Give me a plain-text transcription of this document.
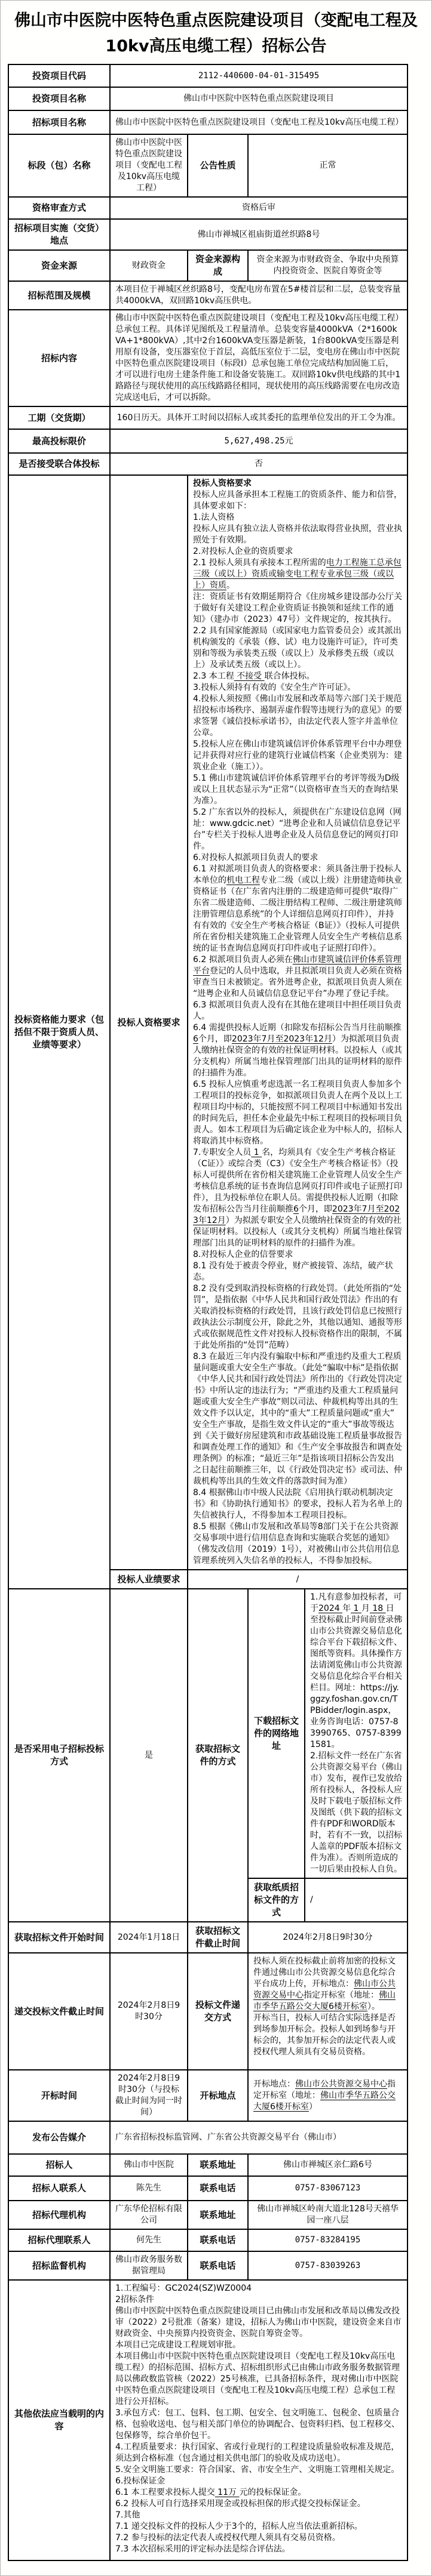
佛山市中医院中医特色重点医院建设项目（变配电工程及10kv高压电缆工程）招标公告
投资项目代码	2112-440600-04-01-315495		
投资项目名称	佛山市中医院中医特色重点医院建设项目		
招标项目名称	佛山市中医院中医特色重点医院建设项目（变配电工程及10kv高压电缆工程）		
标段（包）名称	佛山市中医院中医特色重点医院建设项目（变配电工程及10kv高压电缆工程）	公告性质	正常
资格审查方式	资格后审		
招标项目实施（交货）地点	佛山市禅城区祖庙街道丝织路8号		
资金来源	财政资金	资金来源构成	资金来源为市财政资金、争取中央预算内投资资金、医院自筹资金等
招标范围及规模	本项目位于禅城区丝织路8号，变配电房布置在5#楼首层和二层，总装变容量共4000kVA，双回路10kv高压供电。		
招标内容	佛山市中医院中医特色重点医院建设项目（变配电工程及10kv高压电缆工程）总承包工程。具体详见图纸及工程量清单。总装变容量4000kVA（2*1600kVA+1*800kVA）,其中2台1600kVA变压器是新装，1台800kVA变压器是利用原有设备，变压器室位于首层，高低压室位于二层，变电房在佛山市中医院中医特色重点医院建设项目（标段Ⅰ）总承包施工单位完成结构加固施工后，才可以进行电房土建条件施工和设备安装施工。双回路10kv供电线路的其中1路路径与现状使用的高压线路路径相同，现状使用的高压线路需要在电房改造完成送电后，才可以拆除。		
工期（交货期）	160日历天。具体开工时间以招标人或其委托的监理单位发出的开工令为准。		
最高投标限价	5,627,498.25元		
是否接受联合体投标	否		
投标资格能力要求（包括但不限于资质人员、业绩等要求）	投标人资格要求	

投标人资格要求

投标人应具备承担本工程施工的资质条件、能力和信誉，具体要求如下：

1.法人资格

投标人应具有独立法人资格并依法取得营业执照，营业执照处于有效期。

2.对投标人企业的资质要求

2.1 投标人须具有承接本工程所需的电力工程施工总承包三级（或以上）资质或输变电工程专业承包三级（或以上）资质。

注：资质证书有效期延期符合《住房城乡建设部办公厅关于做好有关建设工程企业资质证书换领和延续工作的通知》（建办市（2023）47号）文件规定的，按其执行。

2.2 具有国家能源局（或国家电力监管委员会）或其派出机构颁发的《承装（修、试）电力设施许可证》，许可类别和等级为承装类五级（或以上）及承修类五级（或以上）及承试类五级（或以上）。

2.3 本工程 不接受 联合体投标。

3.投标人须持有有效的《安全生产许可证》。

4.投标人须按照《佛山市发展和改革局等六部门关于规范招投标市场秩序、遏制弄虚作假等违规行为的意见》的要求签署《诚信投标承诺书》，由法定代表人签字并盖单位公章。

5.投标人应在佛山市建筑诚信评价体系管理平台中办理登记并获得对应行业的建筑行业诚信档案（企业类别为：建筑业企业（施工））。

5.1 佛山市建筑诚信评价体系管理平台的考评等级为D级或以上且状态显示为“正常”（以资格审查当天的查询结果为准）。

5.2 广东省以外的投标人，须提供在广东建设信息网（网址：www.gdcic.net）“进粤企业和人员诚信信息登记平台”专栏关于投标人进粤企业及人员信息登记的网页打印件。

6.对投标人拟派项目负责人的要求

6.1 对拟派项目负责人的资格要求：须具备注册于投标人本单位的机电工程专业二级（或以上级）注册建造师执业资格证书（在广东省内注册的二级建造师可提供“取得广东省二级建造师、二级注册结构工程师、二级注册建筑师注册管理信息系统”的个人详细信息网页打印件），并持有有效的《安全生产考核合格证（B证）》（投标人可提供所在省份相关建筑施工企业管理人员安全生产考核信息系统的证书查询信息网页打印件或电子证照打印件）。

6.2 拟派项目负责人必须在佛山市建筑诚信评价体系管理平台登记的人员中选取，并且拟派项目负责人必须在资格审查当日未被锁定。省外进粤企业，拟派项目负责人须在“进粤企业和人员诚信信息登记平台”办理了登记手续。

6.3 拟派项目负责人没有在其他在建项目中担任项目负责人。

6.4 需提供投标人近期（扣除发布招标公告当月往前顺推6个月，即2023年7月至2023年12月）为拟派项目负责人缴纳社保资金的有效的社保证明材料。以投标人（或其分支机构）所属当地社保管理部门出具的证明材料的原件的扫描件为准。

6.5 投标人应慎重考虑选派一名工程项目负责人参加多个工程项目的投标竞争，如拟派项目负责人在两个及以上工程项目均中标的，只能按照不同工程项目中标通知书发出的时间先后，担任本企业最先中标工程项目的投标项目负责人。如本工程项目为后确定该企业为中标人的，招标人将取消其中标资格。

7.专职安全人员 1 名，均须具有《安全生产考核合格证（C证）》或综合类（C3）《安全生产考核合格证书》（投标人可提供所在省份相关建筑施工企业管理人员安全生产考核信息系统的证书查询信息网页打印件或电子证照打印件），且为投标单位在职人员。需提供投标人近期（扣除发布招标公告当月往前顺推6个月，即2023年7月至2023年12月）为拟派专职安全人员缴纳社保资金的有效的社保证明材料。以投标人（或其分支机构）所属当地社保管理部门出具的证明材料的原件的扫描件为准。

8.对投标人企业的信誉要求

8.1 没有处于被责令停业，财产被接管、冻结，破产状态。

8.2 没有受到取消投标资格的行政处罚。（此处所指的“处罚”，是指依据《中华人民共和国行政处罚法》作出的有关取消投标资格的行政处罚，且该行政处罚信息已按照行政执法公示制度公开，除此之外，其他以通知、通报等形式或依据规范性文件对投标人投标资格作出的限制，不属于此处所指的“处罚”范畴）

8.3 在最近三年内没有骗取中标和严重违约及重大工程质量问题或重大安全生产事故。（此处“骗取中标”是指依据《中华人民共和国行政处罚法》所作出的《行政处罚决定书》中所认定的违法行为；“严重违约及重大工程质量问题或重大安全生产事故”则以司法、仲裁机构等出具的生效文件予以认定，其中的“重大”工程质量问题或“重大”安全生产事故，是指生效文件认定的“重大”事故等级达到《关于做好房屋建筑和市政基础设施工程质量事故报告和调查处理工作的通知》和《生产安全事故报告和调查处理条例》的标准；“最近三年”是指该项目招标公告发出之日起往前顺推三年，以《行政处罚决定书》或司法、仲裁机构等出具的生效文件的落款时间为准）

8.4 根据佛山市中级人民法院《启用执行联动机制决定书》和《协助执行通知书》的要求，投标人若为名单上的失信被执行人，不得参加本工程项目投标。

8.5 根据《佛山市发展和改革局等8部门关于在公共资源交易事项中进行信用信息查询和实施联合奖惩的通知》（佛发改信用（2019）1号），对被佛山市公共信用信息管理系统列入失信名单的投标人，不得参加投标。

	投标人业绩要求	/
是否采用电子招标投标方式	是	获取招标文件的方式	下载招标文件的网络地址	1.凡有意参加投标者，可于2024 年 1 月 18 日至投标截止时间前登录佛山市公共资源交易信息化综合平台下载招标文件、图纸等资料。具体操作方法请浏览佛山市公共资源交易信息化综合平台相关栏目。网址：https://jy.ggzy.foshan.gov.cn/TPBidder/login.aspx，业务咨询电话：0757-83990765、0757-83991581。

2.招标文件一经在广东省公共资源交易平台（佛山市）发布，视作已发放给所有投标人，各投标人应及时下载电子版招标文件及图纸（供下载的招标文件有PDF和WORD版本时，若有不一致，以招标人盖章的PDF版本招标文件为准）。否则所造成的一切后果由投标人自负。

			获取纸质招标文件的方式	/
获取招标文件开始时间	2024年1月18日	获取招标文件截止时间	2024年2月8日9时30分	
递交投标文件截止时间	2024年2月8日9时30分	投标文件递交方式	投标人须在投标截止前将加密的投标文件通过佛山市公共资源交易信息化综合平台成功上传，开标地点：佛山市公共资源交易中心指定开标室（地址：佛山市季华五路公交大厦6楼开标室）。

开标当日，投标人可结合实际选择是否到场参加开标会。投标人如到场参与开标会的，其参加开标会的法定代表人或授权代理人须具有交易员资格。	

开标时间	2024年2月8日9时30分（与投标截止时间为同一时间）	开标地点	开标地点：佛山市公共资源交易中心指定开标室（地址：佛山市季华五路公交大厦6楼开标室）	
发布公告媒介	广东省招标投标监管网、广东省公共资源交易平台（佛山市）			
招标人	佛山市中医院	联系地址	佛山市禅城区亲仁路6号	
招标人联系人	陈先生	联系电话	0757-83067123	
招标代理机构	广东华伦招标有限公司	联系地址	佛山市禅城区岭南大道北128号天禧华园一座八层	
招标代理联系人	何先生	联系电话	0757-83284195	
招标监督机构	佛山市政务服务数据管理局	联系电话	0757-83039263	
其他依法应当载明的内容	

1.工程编号：GC2024(SZ)WZ0004

2招标条件

佛山市中医院中医特色重点医院建设项目已由佛山市发展和改革局以佛发改投审（2022）2号批准（备案）建设，招标人为佛山市中医院，建设资金来自市财政资金、中央预算内投资资金、医院自筹资金等。

本项目已完成建设工程规划审批。

本项目佛山市中医院中医特色重点医院建设项目（变配电工程及10kv高压电缆工程）的招标范围、招标方式、招标组织形式已由佛山市政务服务数据管理局以佛政数监管核（2022）25号核准，已具备招标条件，现对佛山市中医院中医特色重点医院建设项目（变配电工程及10kv高压电缆工程）总承包工程进行公开招标。

3.承包方式：包工、包料、包工期、包安全、包文明施工、包税金、包质量合格、包验收送电、包与相关部门单位的协调配合、包资料归档、包工程移交、包保修等，综合单价包干。

4.工程质量要求：执行国家、省或行业现行的工程建设质量验收标准及规范，须达到合格标准（包含通过相关供电部门的验收及成功送电）。

5.安全文明施工要求：符合国家、省、市安全生产、文明施工管理相关规定。

6.投标保证金

6.1 本工程要求投标人提交 11万 元的投标保证金。

6.2 投标人可自行选择采用现金或投标担保的形式提交投标保证金。

7.其他

7.1 递交投标文件的投标人少于3个的，招标人应当依法重新招标。

7.2 参与投标的法定代表人或授权代理人须具有交易员资格。

7.3 本次招标采用的评定标办法是综合评估法。
